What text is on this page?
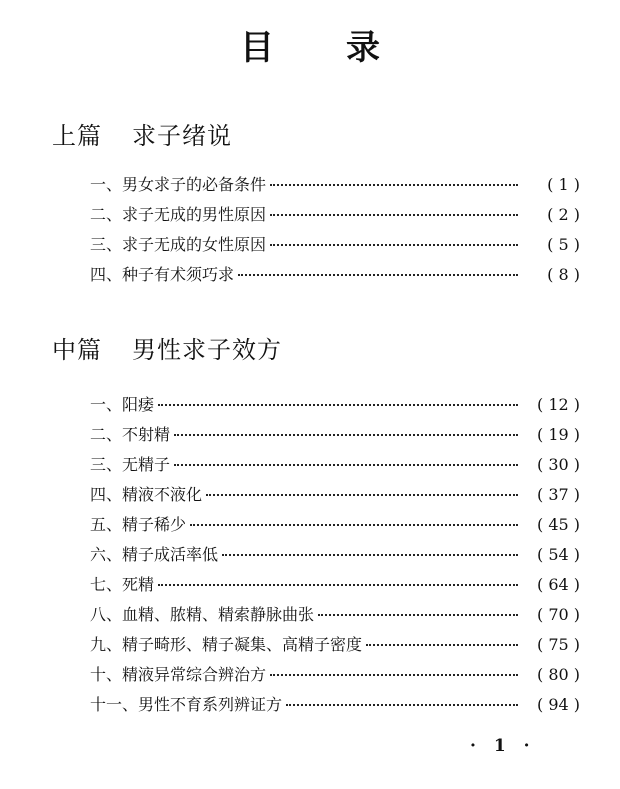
目 录
上篇 求子绪说
一、 男女求子的必备条件	( 1 )
二、 求子无成的男性原因	( 2 )
三、 求子无成的女性原因	( 5 )
四、 种子有术须巧求	( 8 )
中篇 男性求子效方
一、 阳痿	( 12 )
二、 不射精	( 19 )
三、 无精子	( 30 )
四、 精液不液化	( 37 )
五、 精子稀少	( 45 )
六、 精子成活率低	( 54 )
七、 死精	( 64 )
八、 血精、脓精、精索静脉曲张	( 70 )
九、 精子畸形、精子凝集、高精子密度	( 75 )
十、 精液异常综合辨治方	( 80 )
十一、 男性不育系列辨证方	( 94 )
· 1 ·
